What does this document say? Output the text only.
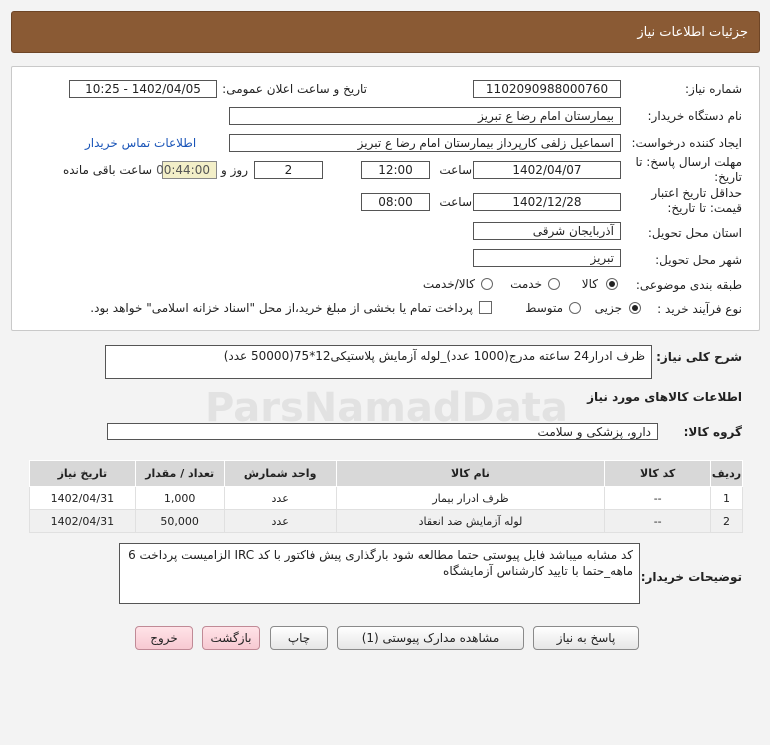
جزئیات اطلاعات نیاز
ParsNamadData
شماره نیاز:
1102090988000760
تاریخ و ساعت اعلان عمومی:
1402/04/05 - 10:25
نام دستگاه خریدار:
بیمارستان امام رضا ع تبریز
ایجاد کننده درخواست:
اسماعیل زلفی کارپرداز بیمارستان امام رضا ع تبریز
اطلاعات تماس خریدار
مهلت ارسال پاسخ: تا
تاریخ:
1402/04/07
ساعت
12:00
2
روز و
00:44:00
ساعت باقی مانده
حداقل تاریخ اعتبار
قیمت: تا تاریخ:
1402/12/28
ساعت
08:00
استان محل تحویل:
آذربایجان شرقی
شهر محل تحویل:
تبریز
طبقه بندی موضوعی:
کالا
خدمت
کالا/خدمت
نوع فرآیند خرید :
جزیی
متوسط
پرداخت تمام یا بخشی از مبلغ خرید،از محل "اسناد خزانه اسلامی" خواهد بود.
شرح کلی نیاز:
ظرف ادرار24 ساعته مدرج(1000 عدد)_لوله آزمایش پلاستیکی12*75(50000 عدد)
اطلاعات کالاهای مورد نیاز
گروه کالا:
دارو، پزشکی و سلامت
ردیف	کد کالا	نام کالا	واحد شمارش	تعداد / مقدار	تاریخ نیاز
1	--	ظرف ادرار بیمار	عدد	1,000	1402/04/31
2	--	لوله آزمایش ضد انعقاد	عدد	50,000	1402/04/31
توضیحات خریدار:
کد مشابه میباشد فایل پیوستی حتما مطالعه شود بارگذاری پیش فاکتور با کد IRC الزامیست پرداخت 6 ماهه_حتما با تایید کارشناس آزمایشگاه
پاسخ به نیاز
مشاهده مدارک پیوستی (1)
چاپ
بازگشت
خروج
